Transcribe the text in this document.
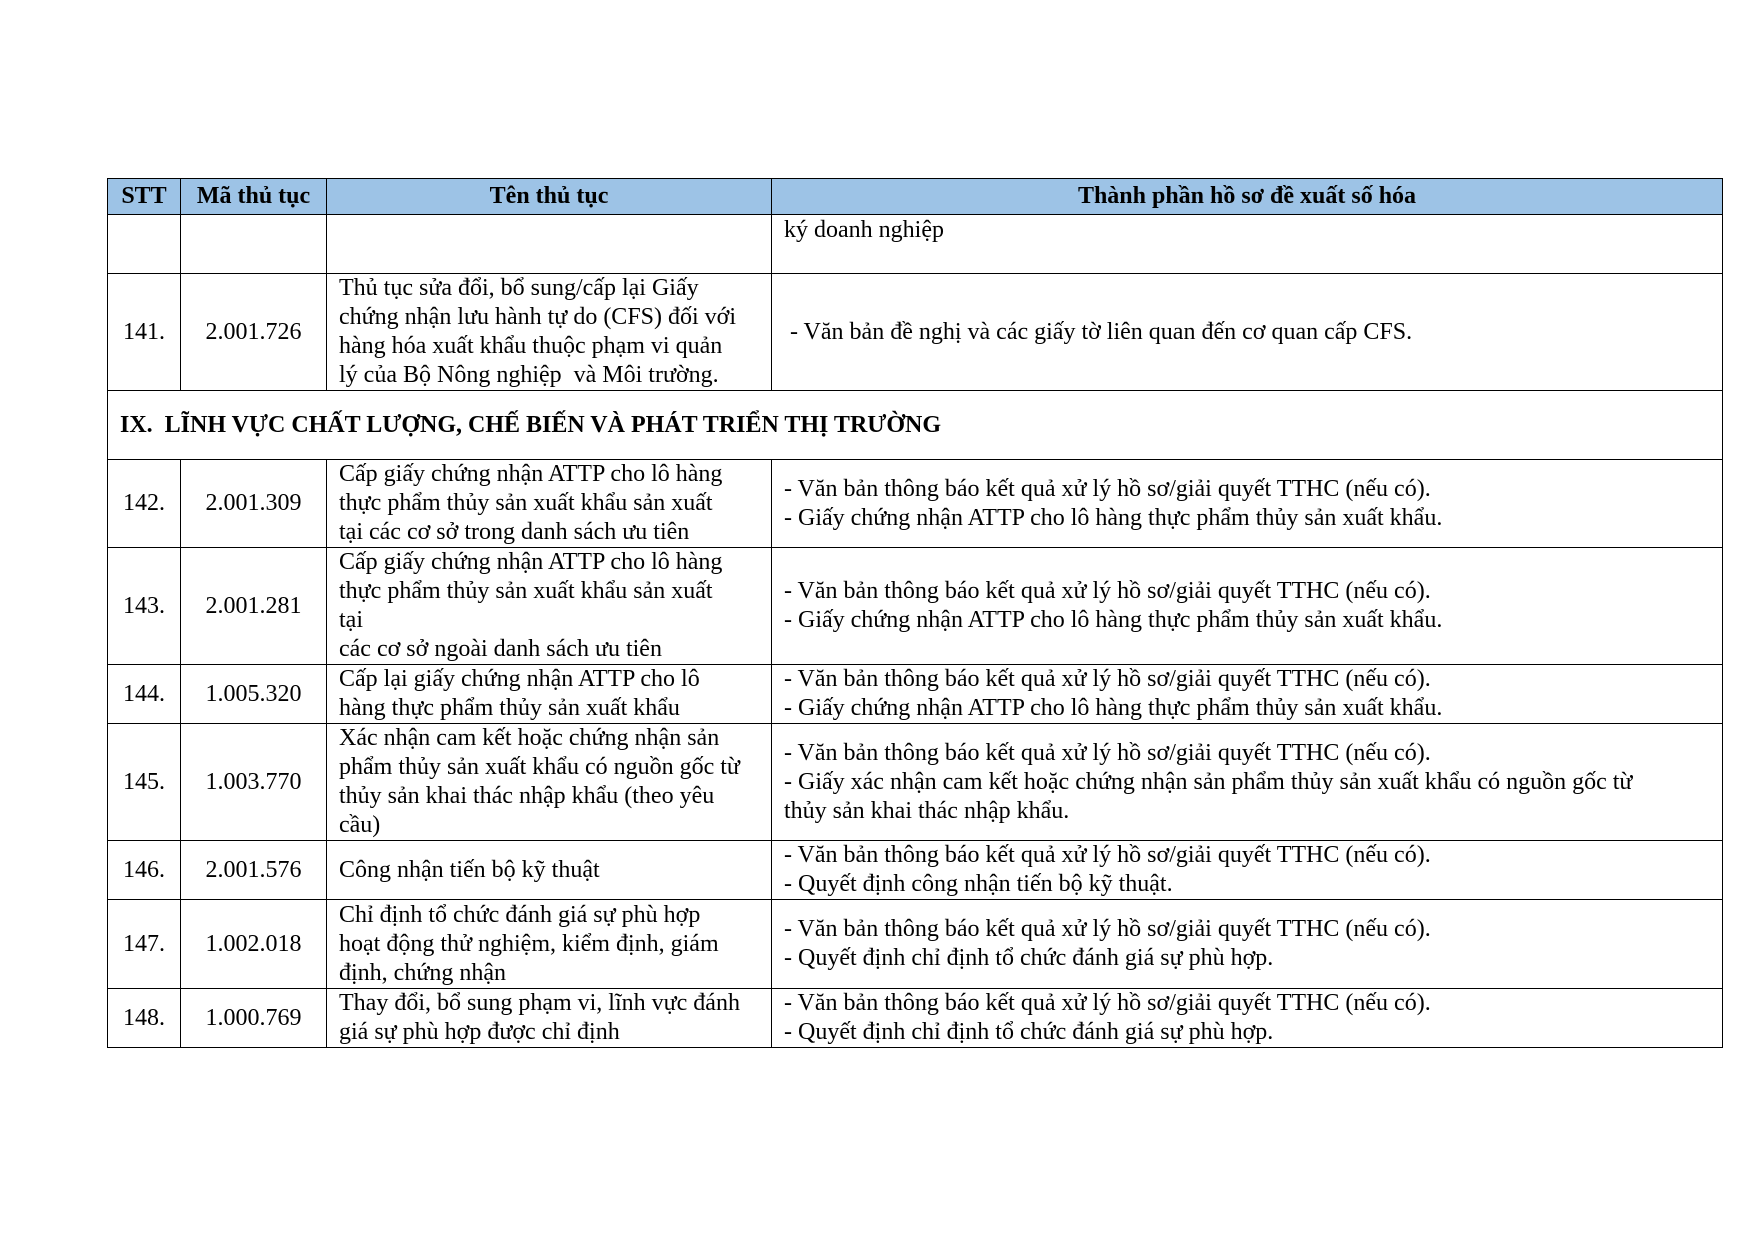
STT	Mã thủ tục	Tên thủ tục	Thành phần hồ sơ đề xuất số hóa
			ký doanh nghiệp
141.	2.001.726	Thủ tục sửa đổi, bổ sung/cấp lại Giấy
chứng nhận lưu hành tự do (CFS) đối với
hàng hóa xuất khẩu thuộc phạm vi quản
lý của Bộ Nông nghiệp  và Môi trường.	- Văn bản đề nghị và các giấy tờ liên quan đến cơ quan cấp CFS.
IX.  LĨNH VỰC CHẤT LƯỢNG, CHẾ BIẾN VÀ PHÁT TRIỂN THỊ TRƯỜNG			
142.	2.001.309	Cấp giấy chứng nhận ATTP cho lô hàng
thực phẩm thủy sản xuất khẩu sản xuất
tại các cơ sở trong danh sách ưu tiên	- Văn bản thông báo kết quả xử lý hồ sơ/giải quyết TTHC (nếu có).
- Giấy chứng nhận ATTP cho lô hàng thực phẩm thủy sản xuất khẩu.
143.	2.001.281	Cấp giấy chứng nhận ATTP cho lô hàng
thực phẩm thủy sản xuất khẩu sản xuất
tại
các cơ sở ngoài danh sách ưu tiên	- Văn bản thông báo kết quả xử lý hồ sơ/giải quyết TTHC (nếu có).
- Giấy chứng nhận ATTP cho lô hàng thực phẩm thủy sản xuất khẩu.
144.	1.005.320	Cấp lại giấy chứng nhận ATTP cho lô
hàng thực phẩm thủy sản xuất khẩu	- Văn bản thông báo kết quả xử lý hồ sơ/giải quyết TTHC (nếu có).
- Giấy chứng nhận ATTP cho lô hàng thực phẩm thủy sản xuất khẩu.
145.	1.003.770	Xác nhận cam kết hoặc chứng nhận sản
phẩm thủy sản xuất khẩu có nguồn gốc từ
thủy sản khai thác nhập khẩu (theo yêu
cầu)	- Văn bản thông báo kết quả xử lý hồ sơ/giải quyết TTHC (nếu có).
- Giấy xác nhận cam kết hoặc chứng nhận sản phẩm thủy sản xuất khẩu có nguồn gốc từ
thủy sản khai thác nhập khẩu.
146.	2.001.576	Công nhận tiến bộ kỹ thuật	- Văn bản thông báo kết quả xử lý hồ sơ/giải quyết TTHC (nếu có).
- Quyết định công nhận tiến bộ kỹ thuật.
147.	1.002.018	Chỉ định tổ chức đánh giá sự phù hợp
hoạt động thử nghiệm, kiểm định, giám
định, chứng nhận	- Văn bản thông báo kết quả xử lý hồ sơ/giải quyết TTHC (nếu có).
- Quyết định chỉ định tổ chức đánh giá sự phù hợp.
148.	1.000.769	Thay đổi, bổ sung phạm vi, lĩnh vực đánh
giá sự phù hợp được chỉ định	- Văn bản thông báo kết quả xử lý hồ sơ/giải quyết TTHC (nếu có).
- Quyết định chỉ định tổ chức đánh giá sự phù hợp.
